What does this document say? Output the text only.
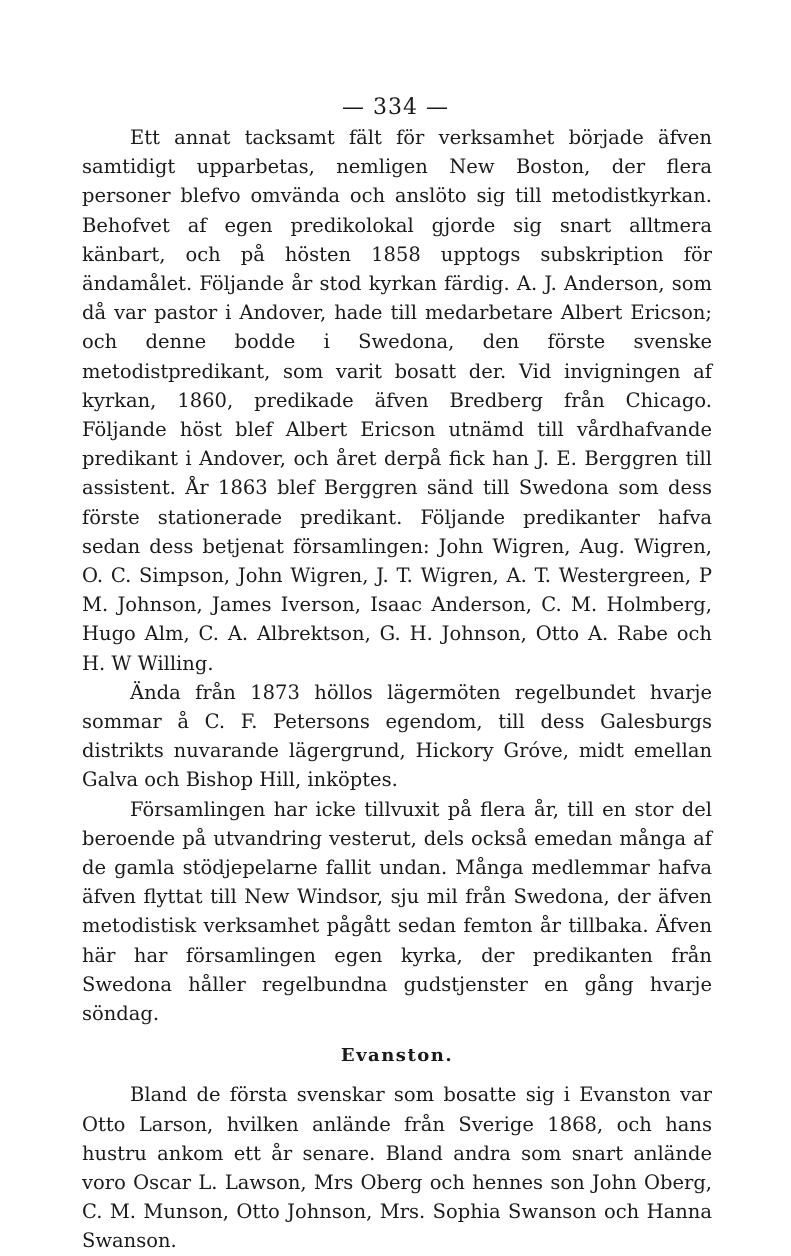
— 334 —

Ett annat tacksamt fält för verksamhet började äfven samtidigt upparbetas, nemligen New Boston, der flera personer blefvo omvända och anslöto sig till metodistkyrkan. Behofvet af egen predikolokal gjorde sig snart alltmera känbart, och på hösten 1858 upptogs subskription för ändamålet. Följande år stod kyrkan färdig. A. J. Anderson, som då var pastor i Andover, hade till medarbetare Albert Ericson; och denne bodde i Swedona, den förste svenske metodistpredikant, som varit bosatt der. Vid invigningen af kyrkan, 1860, predikade äfven Bredberg från Chicago. Följande höst blef Albert Ericson utnämd till vårdhafvande predikant i Andover, och året derpå fick han J. E. Berggren till assistent. År 1863 blef Berggren sänd till Swedona som dess förste stationerade predikant. Följande predikanter hafva sedan dess betjenat församlingen: John Wigren, Aug. Wigren, O. C. Simpson, John Wigren, J. T. Wigren, A. T. Westergreen, P M. Johnson, James Iverson, Isaac Anderson, C. M. Holmberg, Hugo Alm, C. A. Albrektson, G. H. Johnson, Otto A. Rabe och H. W Willing.

Ända från 1873 höllos lägermöten regelbundet hvarje sommar å C. F. Petersons egendom, till dess Galesburgs distrikts nuvarande lägergrund, Hickory Gróve, midt emellan Galva och Bishop Hill, inköptes.

Församlingen har icke tillvuxit på flera år, till en stor del beroende på utvandring vesterut, dels också emedan många af de gamla stödjepelarne fallit undan. Många medlemmar hafva äfven flyttat till New Windsor, sju mil från Swedona, der äfven metodistisk verksamhet pågått sedan femton år tillbaka. Äfven här har församlingen egen kyrka, der predikanten från Swedona håller regelbundna gudstjenster en gång hvarje söndag.

Evanston.

Bland de första svenskar som bosatte sig i Evanston var Otto Larson, hvilken anlände från Sverige 1868, och hans hustru ankom ett år senare. Bland andra som snart anlände voro Oscar L. Lawson, Mrs Oberg och hennes son John Oberg, C. M. Munson, Otto Johnson, Mrs. Sophia Swanson och Hanna Swanson.
